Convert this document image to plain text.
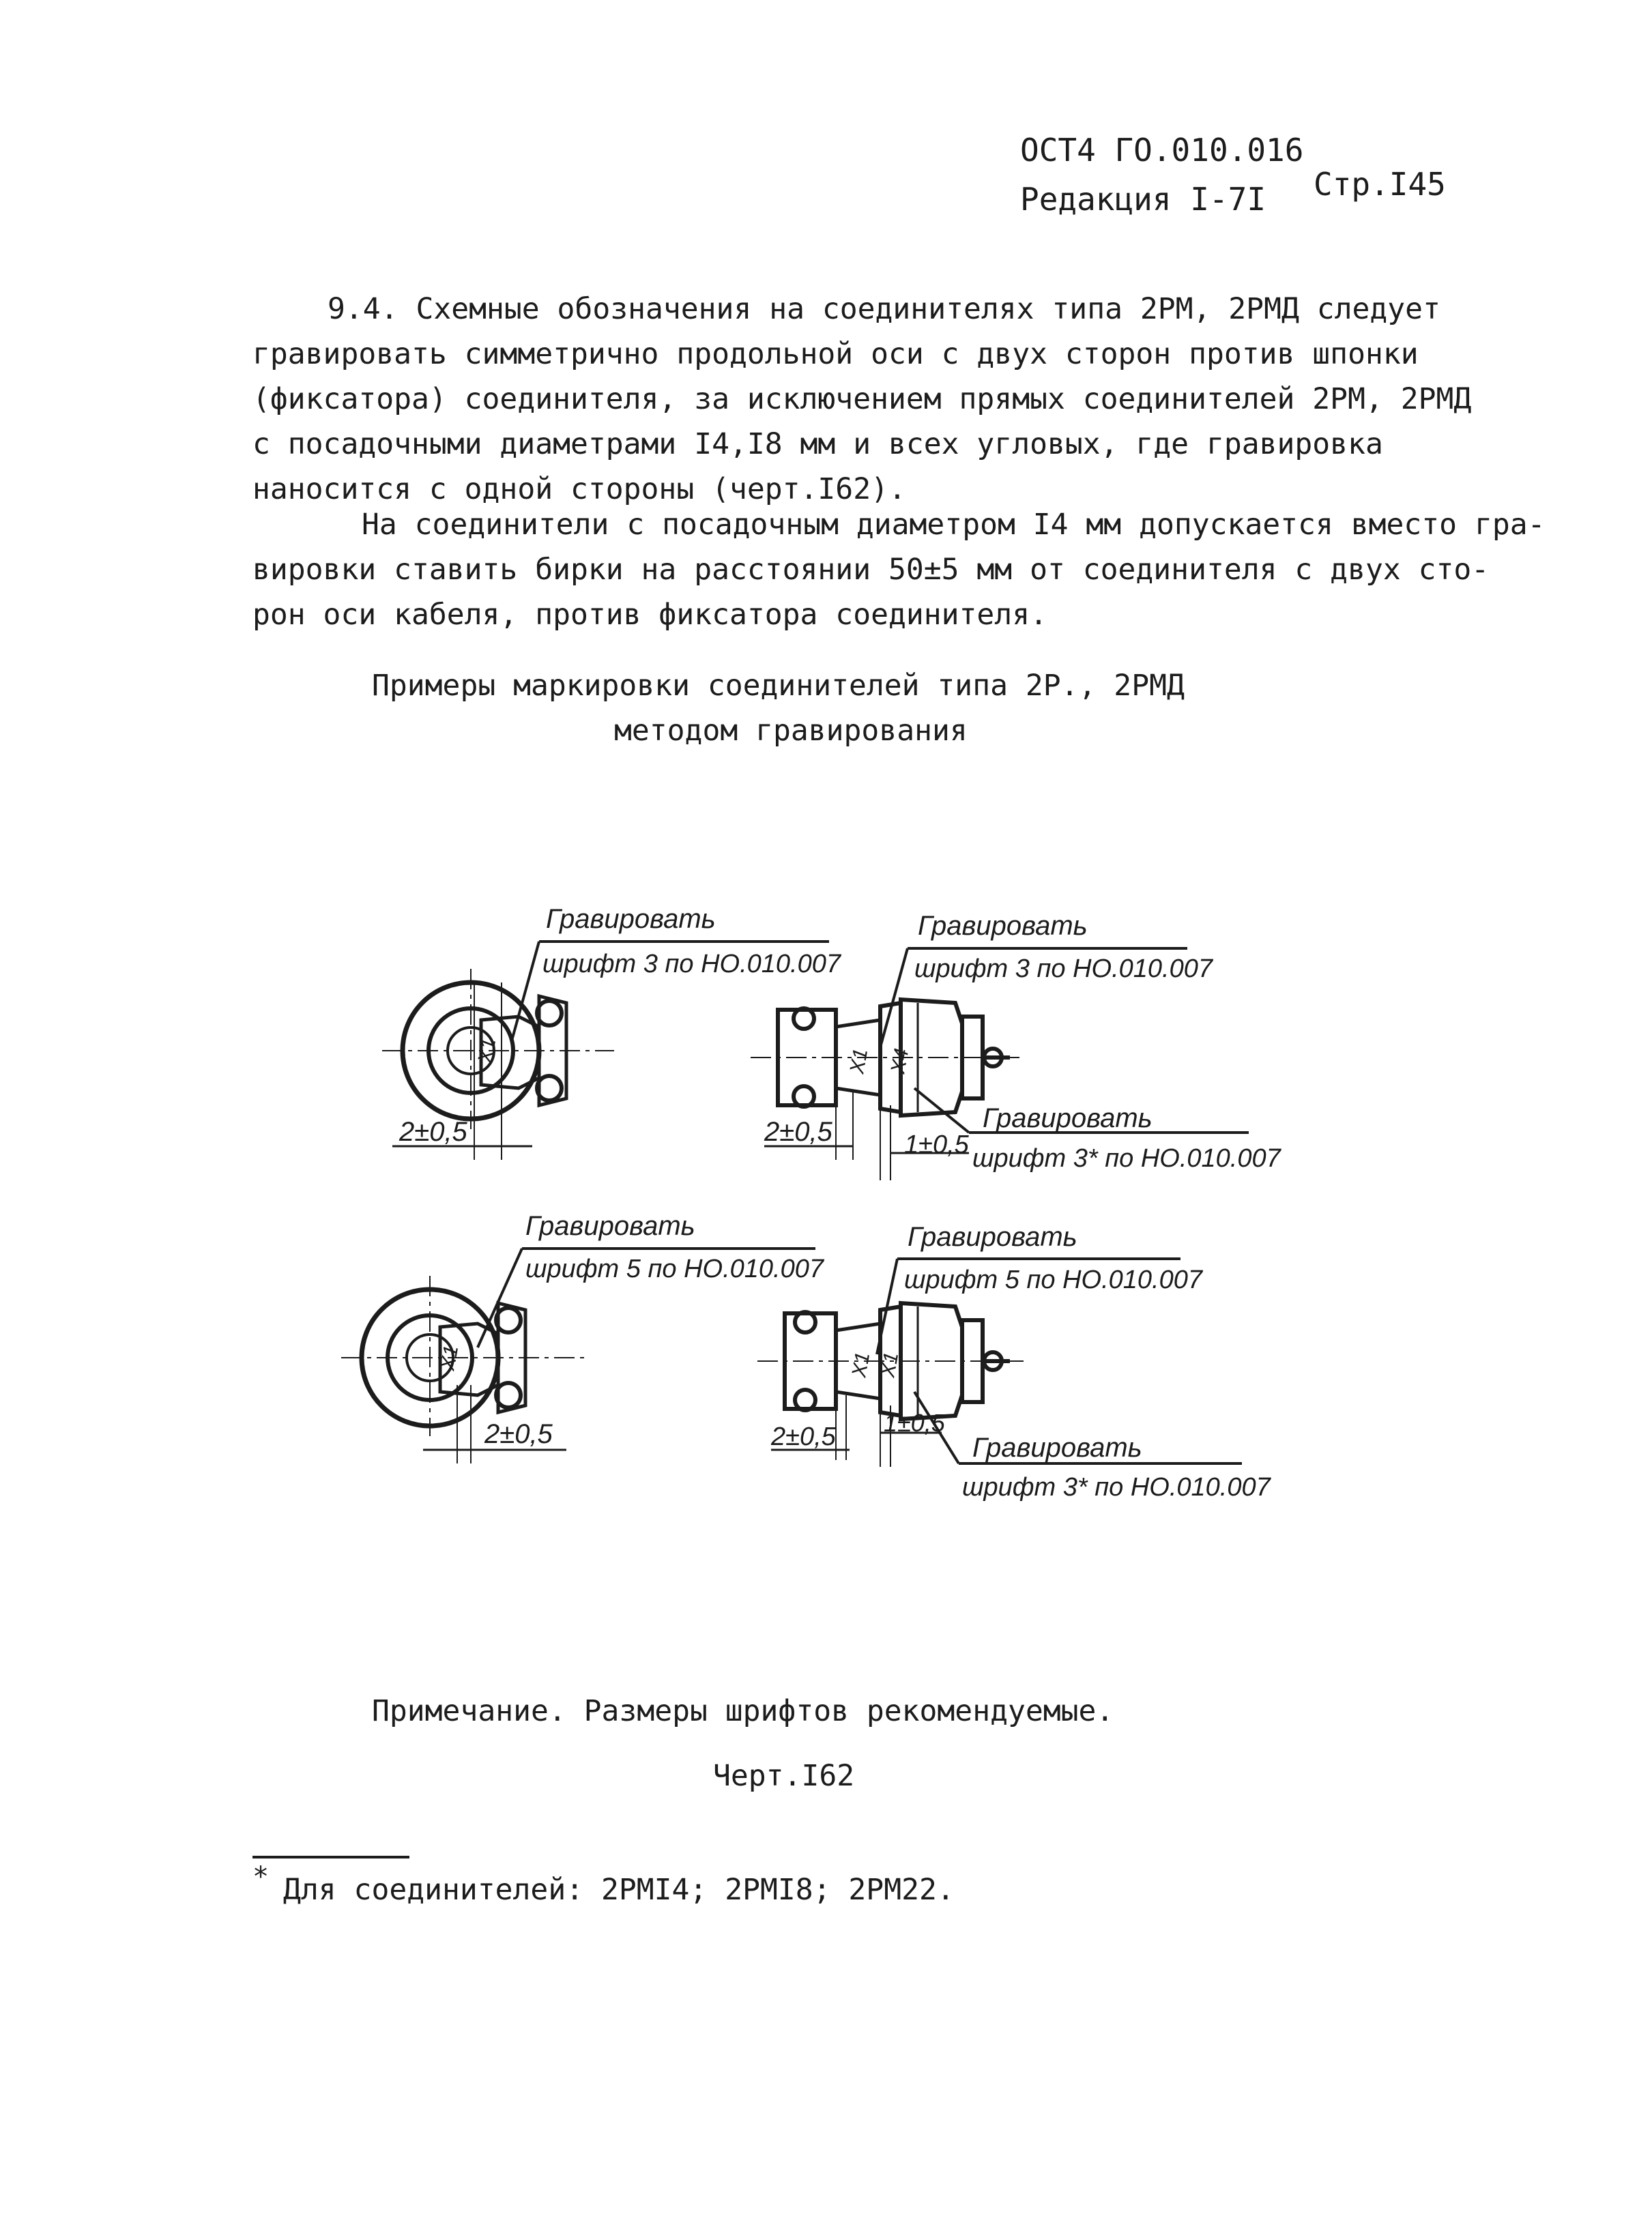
ОСТ4 ГО.010.016
Редакция I-7I Стр.I45
9.4. Схемные обозначения на соединителях типа 2РМ, 2РМД следует
гравировать симметрично продольной оси с двух сторон против шпонки
(фиксатора) соединителя, за исключением прямых соединителей 2РМ, 2РМД
с посадочными диаметрами I4,I8 мм и всех угловых, где гравировка
наносится с одной стороны (черт.I62).
На соединители с посадочным диаметром I4 мм допускается вместо гра-
вировки ставить бирки на расстоянии 50±5 мм от соединителя с двух сто-
рон оси кабеля, против фиксатора соединителя.
Примеры маркировки соединителей типа 2Р., 2РМД
методом гравирования
Х1
2±0,5
Гравировать
шрифт 3 по НО.010.007
Х1 Х4
2±0,5	1±0,5
Гравировать
шрифт 3 по НО.010.007
Гравировать
шрифт 3* по НО.010.007
Х1
2±0,5
Гравировать
шрифт 5 по НО.010.007
Х1 Х1
2±0,5 1±0,5
Гравировать
шрифт 5 по НО.010.007
Гравировать
шрифт 3* по НО.010.007
Примечание. Размеры шрифтов рекомендуемые.
Черт.I62
* Для соединителей: 2РМI4; 2РМI8; 2РМ22.
